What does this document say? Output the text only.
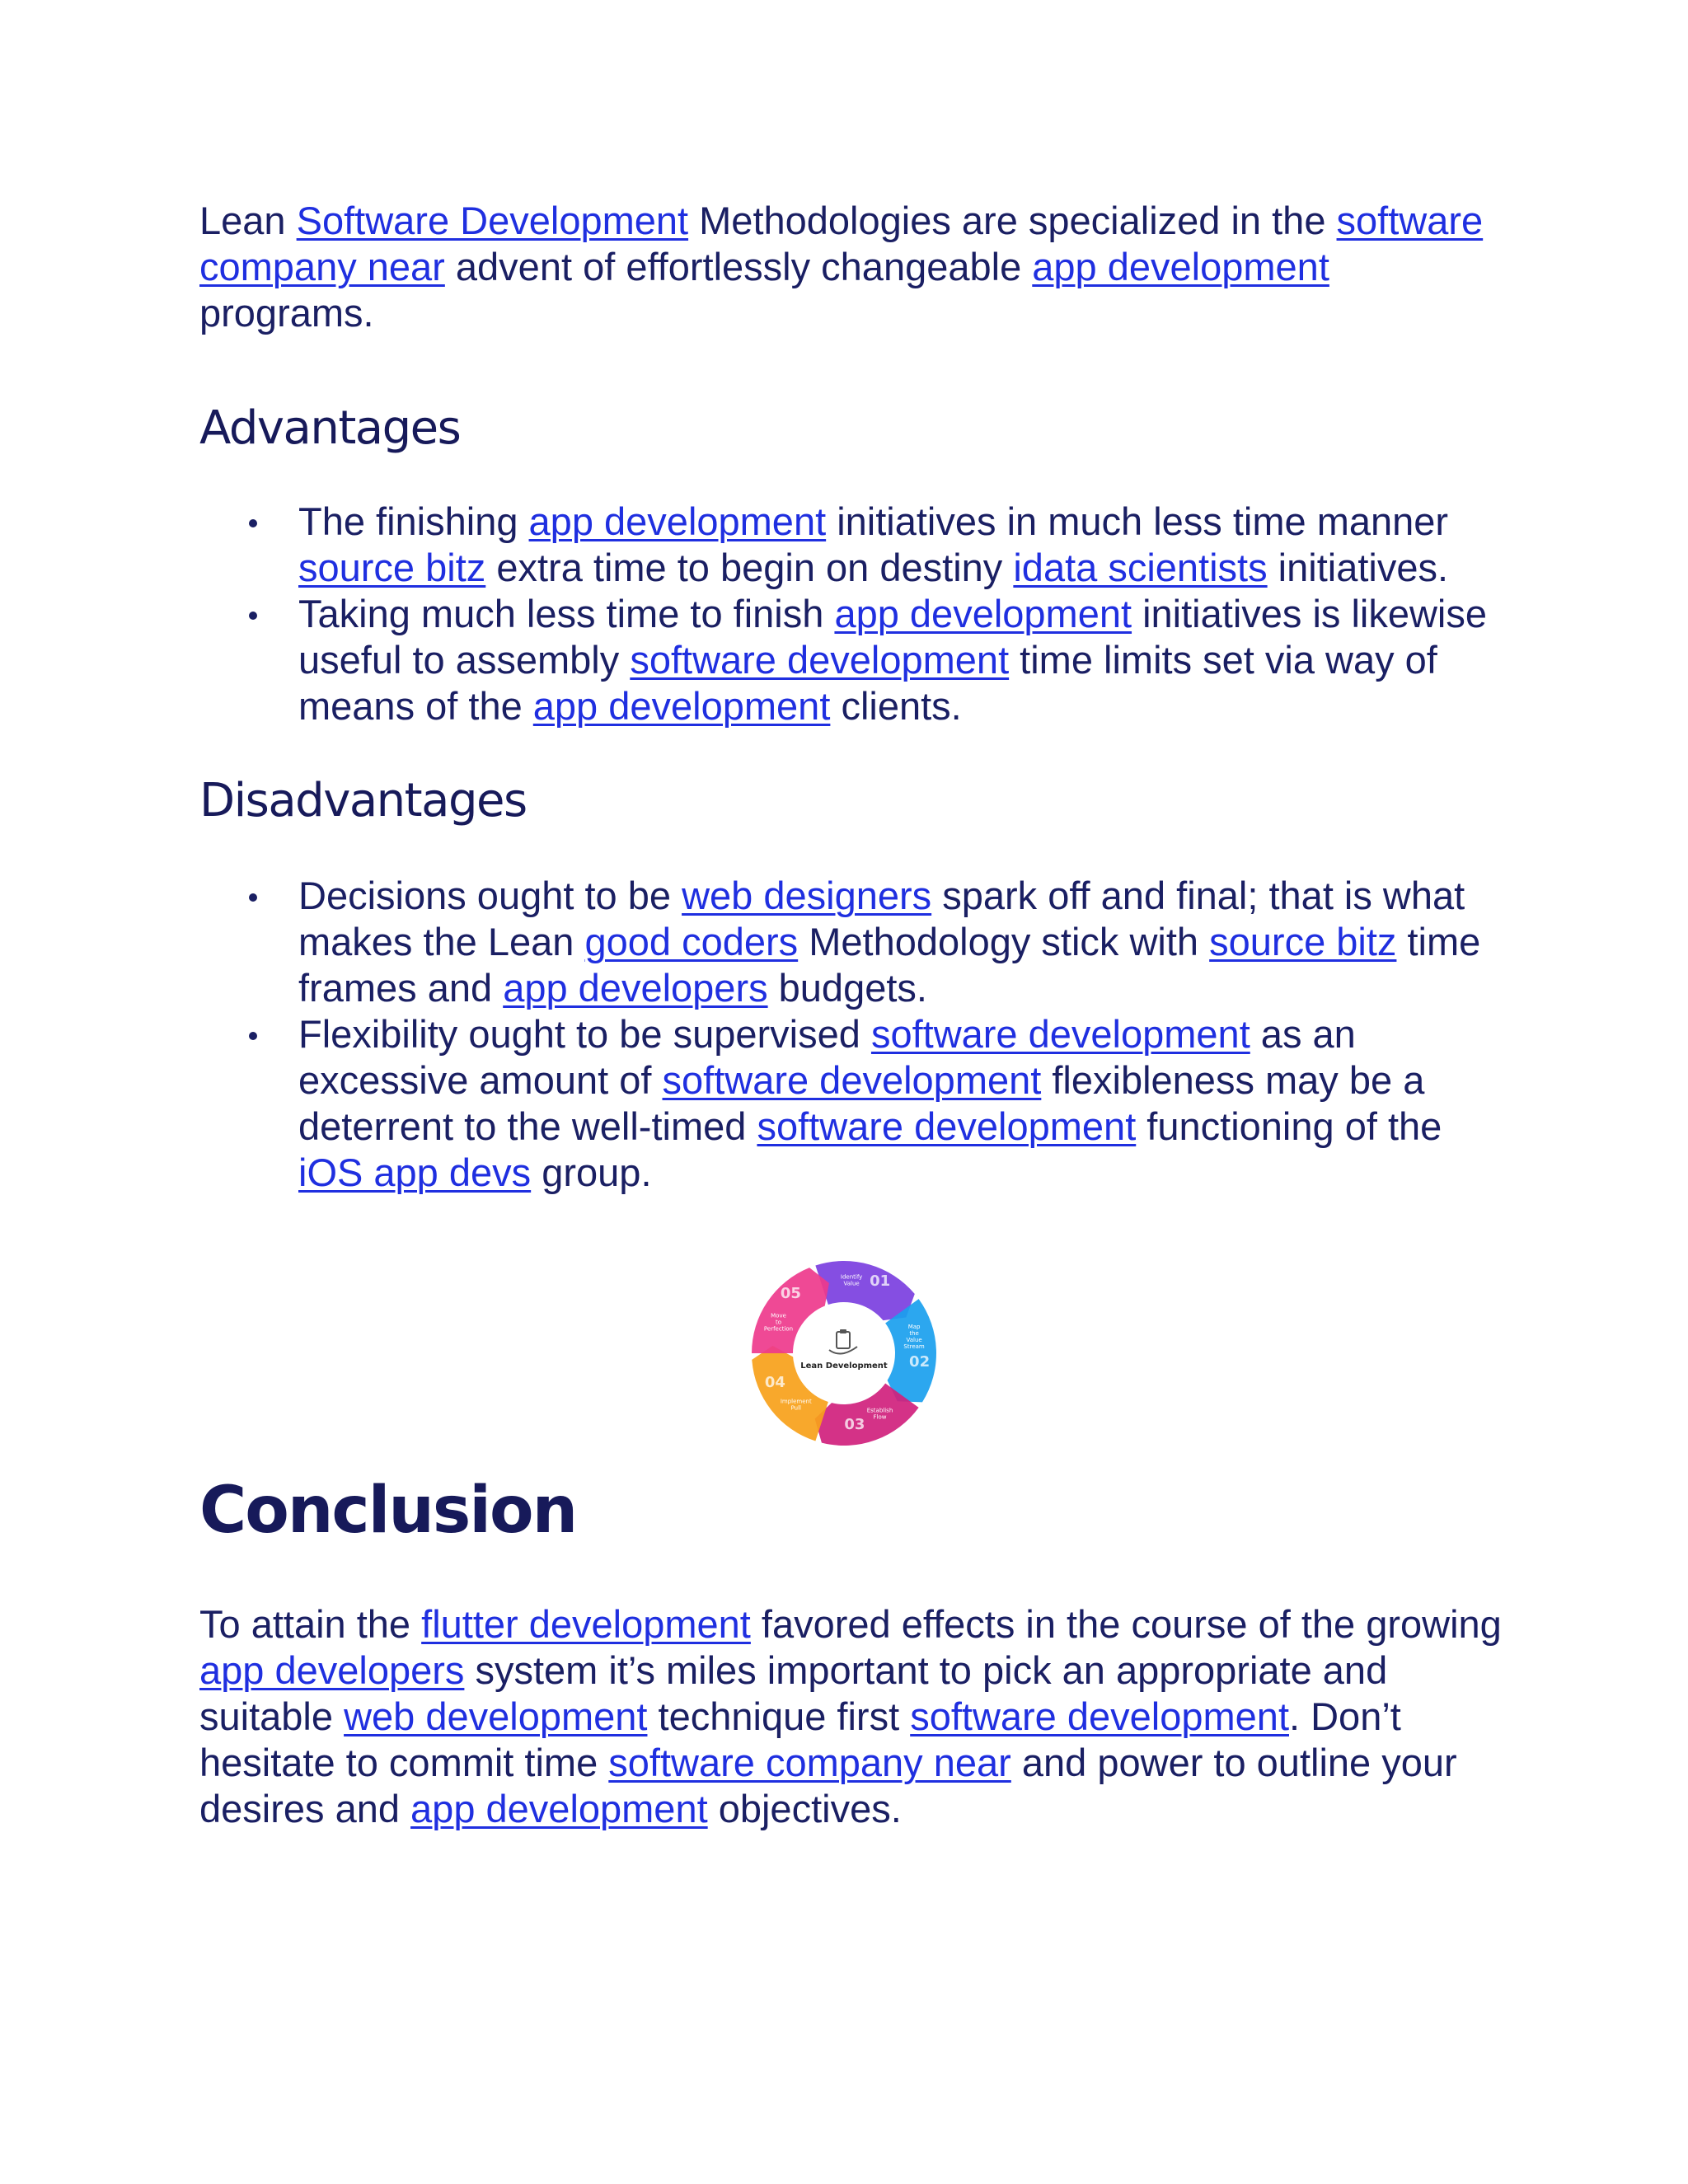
Lean Software Development Methodologies are specialized in the software company near advent of effortlessly changeable app development programs.

Advantages
The finishing app development initiatives in much less time manner source bitz extra time to begin on destiny idata scientists initiatives.
Taking much less time to finish app development initiatives is likewise useful to assembly software development time limits set via way of means of the app development clients.
Disadvantages
Decisions ought to be web designers spark off and final; that is what makes the Lean good coders Methodology stick with source bitz time frames and app developers budgets.
Flexibility ought to be supervised software development as an excessive amount of software development flexibleness may be a deterrent to the well-timed software development functioning of the iOS app devs group.
Lean Development
01
Identify Value
02
Map the Value Stream
03
Establish Flow
04
Implement Pull
05
Move to Perfection
Conclusion

To attain the flutter development favored effects in the course of the growing app developers system it’s miles important to pick an appropriate and suitable web development technique first software development. Don’t hesitate to commit time software company near and power to outline your desires and app development objectives.
